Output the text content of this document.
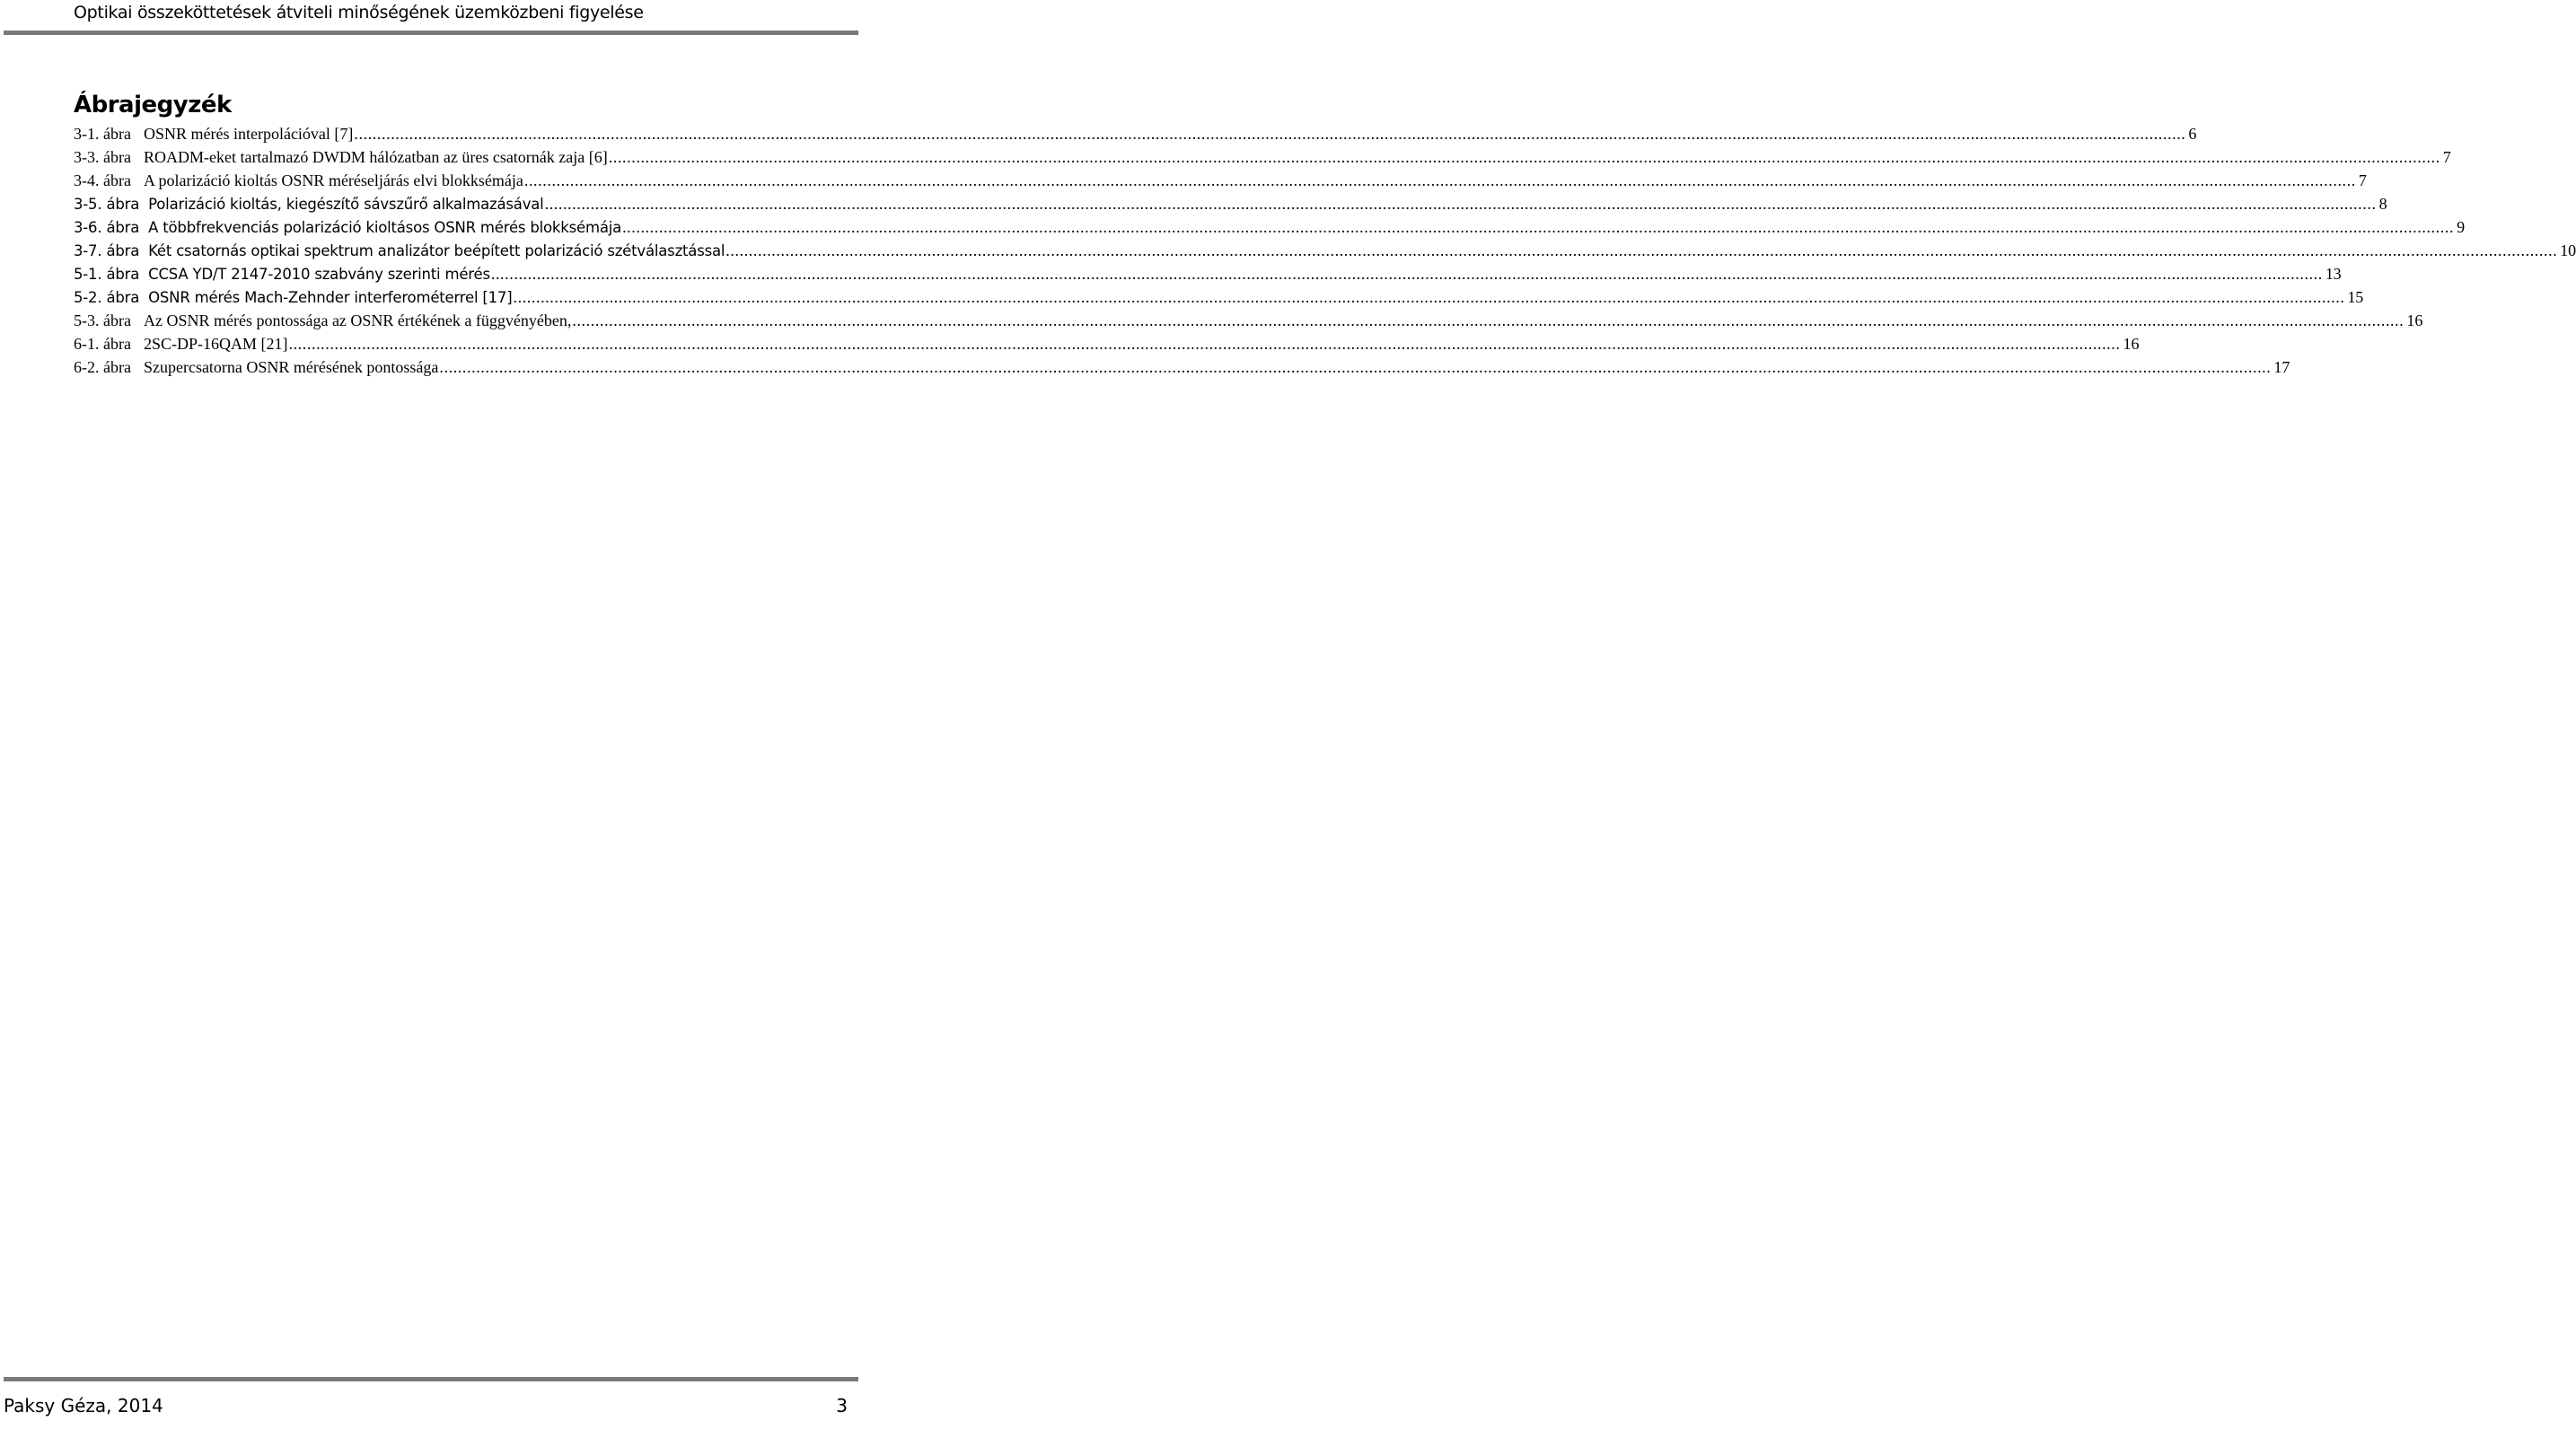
Optikai összeköttetések átviteli minőségének üzemközbeni figyelése
Ábrajegyzék
3-1. ábra OSNR mérés interpolációval [7] ................................................................................................................................................................................................................................................................................................................................................................................................................ 6
3-3. ábra ROADM-eket tartalmazó DWDM hálózatban az üres csatornák zaja [6] ................................................................................................................................................................................................................................................................................................................................................................................................................ 7
3-4. ábra A polarizáció kioltás OSNR méréseljárás elvi blokksémája ................................................................................................................................................................................................................................................................................................................................................................................................................ 7
3-5. ábra Polarizáció kioltás, kiegészítő sávszűrő alkalmazásával ................................................................................................................................................................................................................................................................................................................................................................................................................ 8
3-6. ábra A többfrekvenciás polarizáció kioltásos OSNR mérés blokksémája ................................................................................................................................................................................................................................................................................................................................................................................................................ 9
3-7. ábra Két csatornás optikai spektrum analizátor beépített polarizáció szétválasztással ................................................................................................................................................................................................................................................................................................................................................................................................................ 10
5-1. ábra CCSA YD/T 2147-2010 szabvány szerinti mérés ................................................................................................................................................................................................................................................................................................................................................................................................................ 13
5-2. ábra OSNR mérés Mach-Zehnder interferométerrel [17] ................................................................................................................................................................................................................................................................................................................................................................................................................ 15
5-3. ábra Az OSNR mérés pontossága az OSNR értékének a függvényében, ................................................................................................................................................................................................................................................................................................................................................................................................................ 16
6-1. ábra 2SC-DP-16QAM [21] ................................................................................................................................................................................................................................................................................................................................................................................................................ 16
6-2. ábra Szupercsatorna OSNR mérésének pontossága ................................................................................................................................................................................................................................................................................................................................................................................................................ 17
Paksy Géza, 2014	3
